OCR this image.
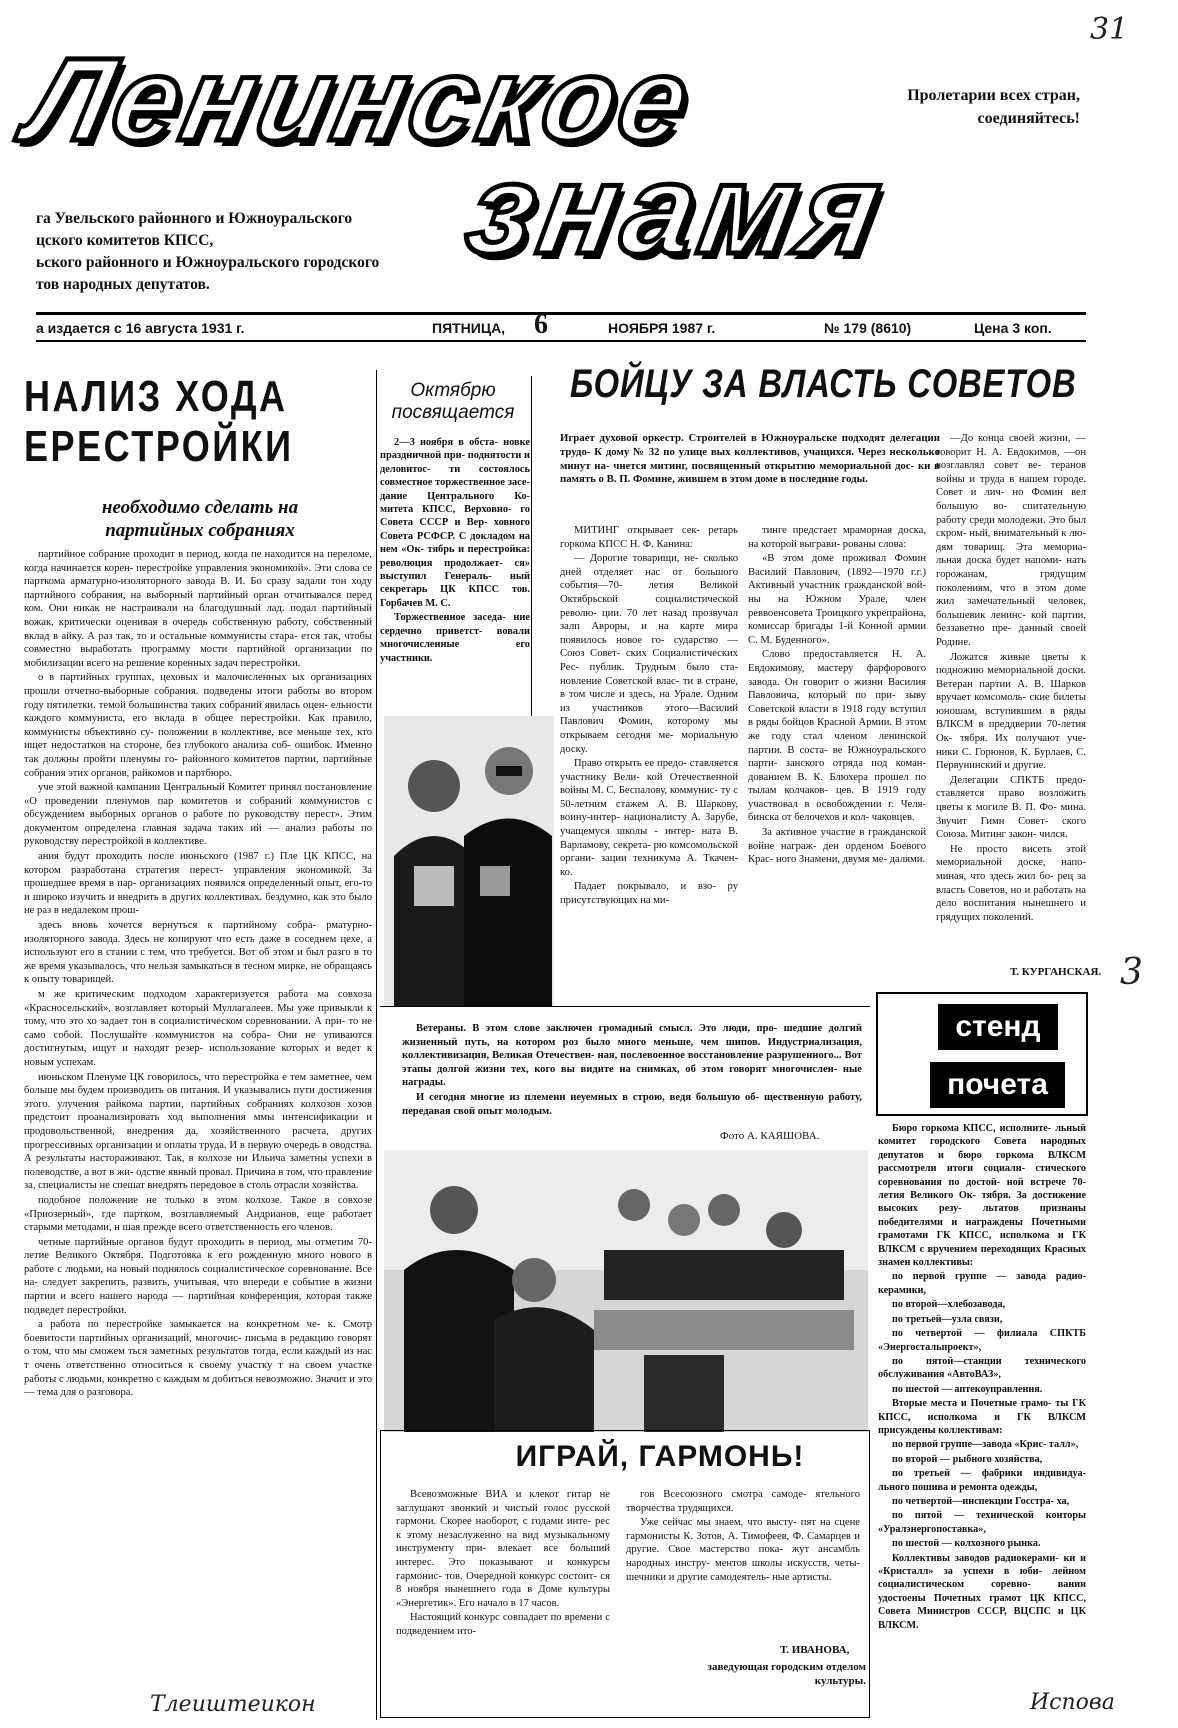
Ленинское
знамя
Пролетарии всех стран,
соединяйтесь!
га Увельского районного и Южноуральского
цского комитетов КПСС,
ьского районного и Южноуральского городского
тов народных депутатов.
31
а издается с 16 августа 1931 г.	ПЯТНИЦА, 6	НОЯБРЯ 1987 г.	№ 179 (8610)	Цена 3 коп.
НАЛИЗ ХОДА
ЕРЕСТРОЙКИ
необходимо сделать на партийных собраниях

партийное собрание проходит в период, когда пе находится на переломе, когда начинается корен- перестройке управления экономикой». Эти слова се парткома арматурно-изоляторного завода В. И. Бо сразу задали тон ходу партийного собрания, на выборный партийный орган отчитывался перед ком. Они никак не настраивали на благодушный лад. подал партийный вожак, критически оценивая в очередь собственную работу, собственный вклад в айку. А раз так, то и остальные коммунисты стара- ется так, чтобы совместно выработать программу мости партийной организации по мобилизации всего на решение коренных задач перестройки.

о в партийных группах, цеховых и малочисленных ых организациях прошли отчетно-выборные собрания. подведены итоги работы во втором году пятилетки. темой большинства таких собраний явилась оцен- ельности каждого коммуниста, его вклада в общее перестройки. Как правило, коммунисты объективно су- положении в коллективе, все меньше тех, кто ищет недостатков на стороне, без глубокого анализа соб- ошибок. Именно так должны пройти пленумы го- районного комитетов партии, партийные собрания этих органов, райкомов и партбюро.

уче этой важной кампании Центральный Комитет принял постановление «О проведении пленумов пар комитетов и собраний коммунистов с обсуждением выборных органов о работе по руководству перест». Этим документом определена главная задача таких ий — анализ работы по руководству перестройкой в коллективе.

ания будут проходить после июньского (1987 г.) Пле ЦК КПСС, на котором разработана стратегия перест- управления экономикой. За прошедшее время в пар- организациях появился определенный опыт, его-то и широко изучить и внедрить в других коллективах. бездумно, как это было не раз в недалеком прош-

здесь вновь хочется вернуться к партийному собра- рматурно-изоляторного завода. Здесь не копируют что есть даже в соседнем цехе, а используют его в стании с тем, что требуется. Вот об этом и был разго в то же время указывалось, что нельзя замыкаться в тесном мирке, не обращаясь к опыту товарищей.

м же критическим подходом характеризуется работа ма совхоза «Красносельский», возглавляет который Муллагалеев. Мы уже привыкли к тому, что это хо задает тон в социалистическом соревновании. А при- то не само собой. Послушайте коммунистов на собра- Они не упиваются достигнутым, ищут и находят резер- использование которых и ведет к новым успехам.

июньском Пленуме ЦК говорилось, что перестройка е тем заметнее, чем больше мы будем производить ов питания. И указывались пути достижения этого. улучения райкома партии, партийных собраниях колхозов хозов предстоит проанализировать ход выполнения ммы интенсификации и продовольственной, внедрения да, хозяйственного расчета, других прогрессивных организации и оплаты труда. И в первую очередь в оводства. А результаты настораживают. Так, в колхозе ни Ильича заметны успехи в полеводстве, а вот в жи- одстве явный провал. Причина в том, что правление за, специалисты не спешат внедрять передовое в столь отрасли хозяйства.

подобное положение не только в этом колхозе. Такое в совхозе «Приозерный», где партком, возглавляемый Андрианов, еще работает старыми методами, н шая прежде всего ответственность его членов.

четные партийные органов будут проходить в период, мы отметим 70-летие Великого Октября. Подготовка к его рожденную много нового в работе с людьми, на новый поднялось социалистическое соревнование. Все на- следует закрепить, развить, учитывая, что впереди е событие в жизни партии и всего нашего народа — партийная конференция, которая также подведет перестройки.

а работа по перестройке замыкается на конкретном че- к. Смотр боевитости партийных организаций, многочис- письма в редакцию говорят о том, что мы сможем ться заметных результатов тогда, если каждый из нас т очень ответственно относиться к своему участку т на своем участке работы с людьми, конкретно с каждым м добиться невозможно. Значит и это — тема для о разговора.

Тлеиштеикон
Октябрю
посвящается

2—3 ноября в обста- новке праздничной при- поднятости и деловитос- ти состоялось совместное торжественное засе- дание Центрального Ко- митета КПСС, Верховно- го Совета СССР и Вер- ховного Совета РСФСР. С докладом на нем «Ок- тябрь и перестройка: революция продолжает- ся» выступил Генераль- ный секретарь ЦК КПСС тов. Горбачев М. С.

Торжественное заседа- ние сердечно приветст- вовали многочисленные его участники.

БОЙЦУ ЗА ВЛАСТЬ СОВЕТОВ
Играет духовой оркестр. Строителей в Южноуральске подходят делегации трудо- К дому № 32 по улице вых коллективов, учащихся. Через несколько минут на- чнется митинг, посвященный открытию мемориальной дос- ки в память о В. П. Фомине, жившем в этом доме в последние годы.

МИТИНГ открывает сек- ретарь горкома КПСС Н. Ф. Канина:

— Дорогие товарищи, не- сколько дней отделяет нас от большого события—70- летия Великой Октябрьской социалистической револю- ции. 70 лет назад прозвучал залп Авроры, и на карте мира появилось новое го- сударство — Союз Совет- ских Социалистических Рес- публик. Трудным было ста- новление Советской влас- ти в стране, в том числе и здесь, на Урале. Одним из участников этого—Василий Павлович Фомин, которому мы открываем сегодня ме- мориальную доску.

Право открыть ее предо- ставляется участнику Вели- кой Отечественной войны М. С. Беспалову, коммунис- ту с 50-летним стажем А. В. Шаркову, воину-интер- националисту А. Зарубе, учащемуся школы - интер- ната В. Варламову, секрета- рю комсомольской органи- зации техникума А. Ткачен- ко.

Падает покрывало, и взо- ру присутствующих на ми-

тинге предстает мраморная доска, на которой выграви- рованы слова:

«В этом доме проживал Фомин Василий Павлович, (1892—1970 г.г.) Активный участник гражданской вой- ны на Южном Урале, член реввоенсовета Троицкого укрепрайона, комиссар бригады 1-й Конной армии С. М. Буденного».

Слово предоставляется Н. А. Евдокимову, мастеру фарфорового завода. Он говорит о жизни Василия Павловича, который по при- зыву Советской власти в 1918 году вступил в ряды бойцов Красной Армии. В этом же году стал членом ленинской партии. В соста- ве Южноуральского парти- занского отряда под коман- дованием В. К. Блюхера прошел по тылам колчаков- цев. В 1919 году участвовал в освобождении г. Челя- бинска от белочехов и кол- чаковцев.

За активное участие в гражданской войне награж- ден орденом Боевого Крас- ного Знамени, двумя ме- далями.

—До конца своей жизни, —говорит Н. А. Евдокимов, —он возглавлял совет ве- теранов войны и труда в нашем городе. Совет и лич- но Фомин вел большую во- спитательную работу среди молодежи. Это был скром- ный, внимательный к лю- дям товарищ. Эта мемориа- льная доска будет напоми- нать горожанам, грядущим поколениям, что в этом доме жил замечательный человек, большевик ленинс- кой партии, беззаветно пре- данный своей Родине.

Ложатся живые цветы к подножию мемориальной доски. Ветеран партии А. В. Шарков вручает комсомоль- ские билеты юношам, вступившим в ряды ВЛКСМ в преддверии 70-летия Ок- тября. Их получают уче- ники С. Горюнов, К. Бурлаев, С. Первунинский и другие.

Делегации СПКТБ предо- ставляется право возложить цветы к могиле В. П. Фо- мина. Звучит Гимн Совет- ского Союза. Митинг закон- чился.

Не просто висеть этой мемориальной доске, напо- миная, что здесь жил бо- рец за власть Советов, но и работать на дело воспитания нынешнего и грядущих поколений.

Т. КУРГАНСКАЯ. 3

Ветераны. В этом слове заключен громадный смысл. Это люди, про- шедшие долгий жизненный путь, на котором роз было много меньше, чем шипов. Индустриализация, коллективизация, Великая Отечествен- ная, послевоенное восстановление разрушенного... Вот этапы долгой жизни тех, кого вы видите на снимках, об этом говорят многочислен- ные награды.

И сегодня многие из племени неуемных в строю, ведя большую об- щественную работу, передавая свой опыт молодым.

Фото А. КАЯШОВА.
ИГРАЙ, ГАРМОНЬ!

Всевозможные ВИА и клекот гитар не заглушают звонкий и чистый голос русской гармони. Скорее наоборот, с годами инте- рес к этому незаслуженно на вид музыкальному инструменту при- влекает все больший интерес. Это показывают и конкурсы гармонис- тов. Очередной конкурс состоит- ся 8 ноября нынешнего года в Доме культуры «Энергетик». Его начало в 17 часов.

Настоящий конкурс совпадает по времени с подведением ито-

гов Всесоюзного смотра самоде- ятельного творчества трудящихся.

Уже сейчас мы знаем, что высту- пят на сцене гармонисты К. Зотов, А. Тимофеев, Ф. Самарцев и другие. Свое мастерство пока- жут ансамбль народных инстру- ментов школы искусств, четы- шечники и другие самодеятель- ные артисты.

Т. ИВАНОВА,
заведующая городским отделом культуры.
стенд
почета

Бюро горкома КПСС, исполните- льный комитет городского Совета народных депутатов и бюро горкома ВЛКСМ рассмотрели итоги социали- стического соревнования по достой- ной встрече 70-летия Великого Ок- тября. За достижение высоких резу- льтатов признаны победителями и награждены Почетными грамотами ГК КПСС, исполкома и ГК ВЛКСМ с вручением переходящих Красных знамен коллективы:

по первой группе — завода радио- керамики,

по второй—хлебозавода,

по третьей—узла связи,

по четвертой — филиала СПКТБ «Энергостальпроект»,

по пятой—станции технического обслуживания «АвтоВАЗ»,

по шестой — аптекоуправления.

Вторые места и Почетные грамо- ты ГК КПСС, исполкома и ГК ВЛКСМ присуждены коллективам:

по первой группе—завода «Крис- талл»,

по второй — рыбного хозяйства,

по третьей — фабрики индивидуа- льного пошива и ремонта одежды,

по четвертой—инспекции Госстра- ха,

по пятой — технической конторы «Уралэнергопоставка»,

по шестой — колхозного рынка.

Коллективы заводов радиокерами- ки и «Кристалл» за успехи в юби- лейном социалистическом соревно- вании удостоены Почетных грамот ЦК КПСС, Совета Министров СССР, ВЦСПС и ЦК ВЛКСМ.

Испова
